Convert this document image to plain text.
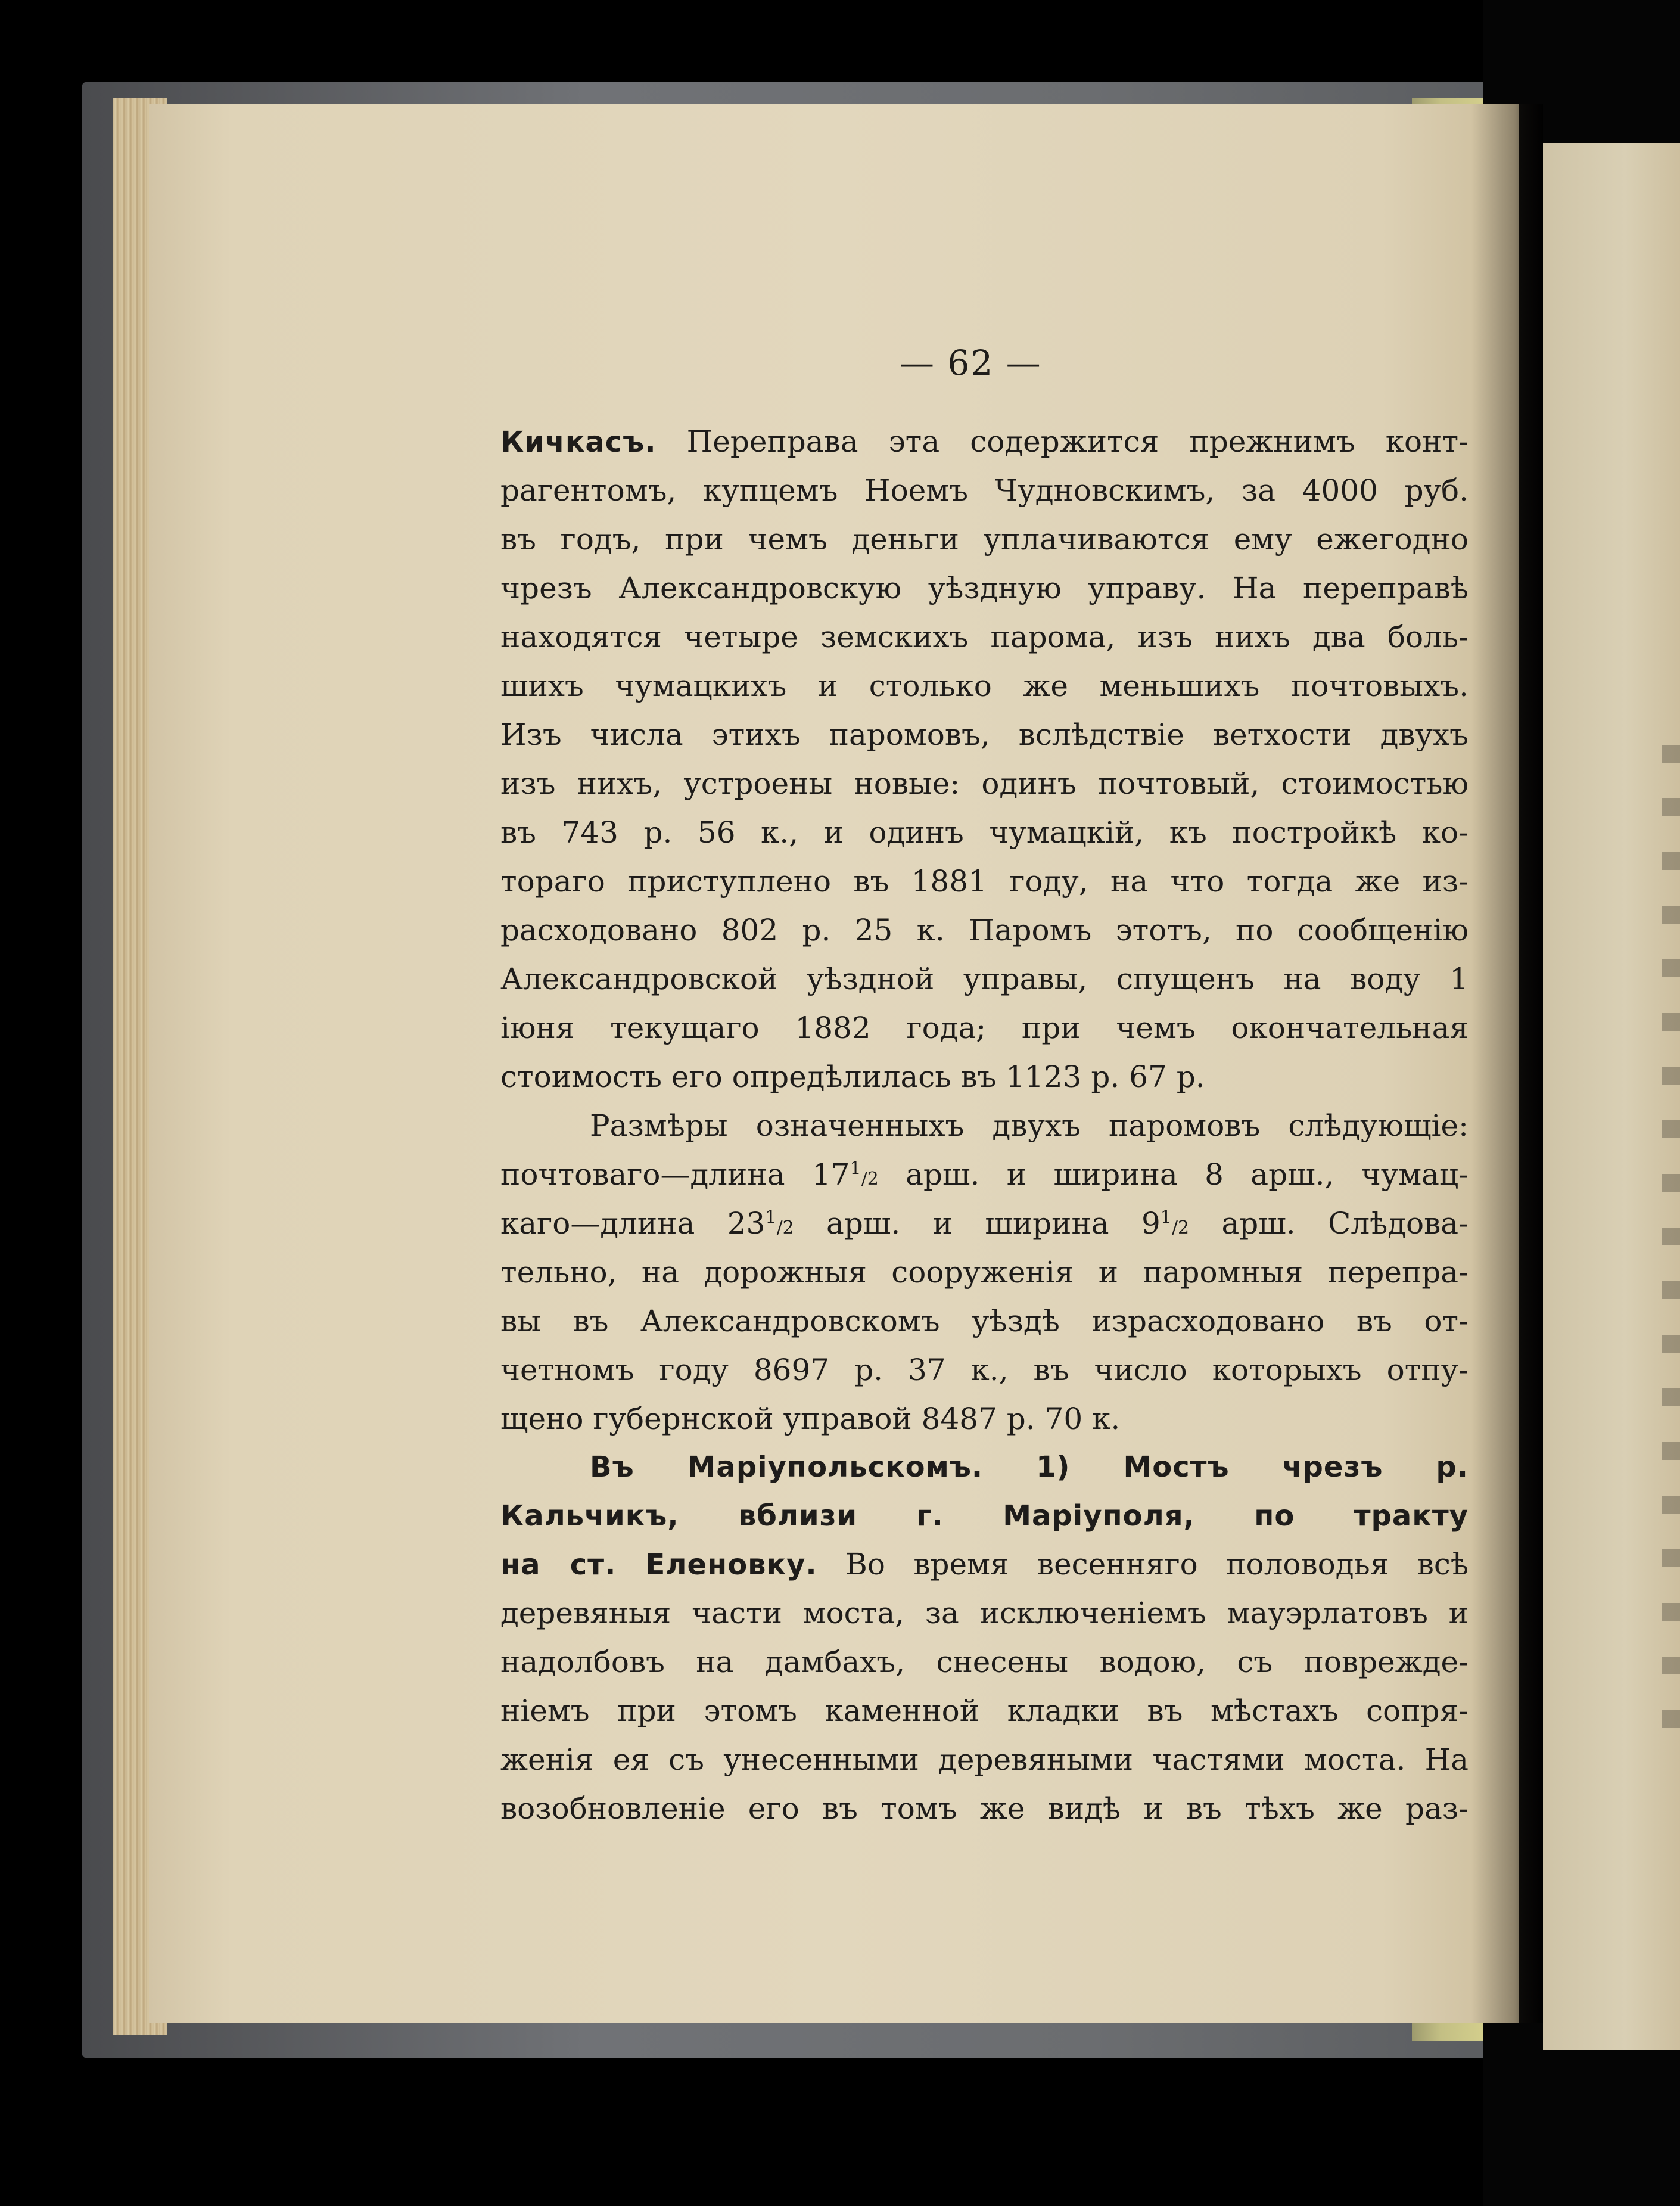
— 62 —
Кичкасъ. Переправа эта содержится прежнимъ конт-
рагентомъ, купцемъ Ноемъ Чудновскимъ, за 4000 руб.
въ годъ, при чемъ деньги уплачиваются ему ежегодно
чрезъ Александровскую уѣздную управу. На переправѣ
находятся четыре земскихъ парома, изъ нихъ два боль-
шихъ чумацкихъ и столько же меньшихъ почтовыхъ.
Изъ числа этихъ паромовъ, вслѣдствіе ветхости двухъ
изъ нихъ, устроены новые: одинъ почтовый, стоимостью
въ 743 р. 56 к., и одинъ чумацкій, къ постройкѣ ко-
тораго приступлено въ 1881 году, на что тогда же из-
расходовано 802 р. 25 к. Паромъ этотъ, по сообщенію
Александровской уѣздной управы, спущенъ на воду 1
іюня текущаго 1882 года; при чемъ окончательная
стоимость его опредѣлилась въ 1123 р. 67 р.
Размѣры означенныхъ двухъ паромовъ слѣдующіе:
почтоваго—длина $17^1/2$ арш. и ширина 8 арш., чумац-
каго—длина $23^1/2$ арш. и ширина $9^1/2$ арш. Слѣдова-
тельно, на дорожныя сооруженія и паромныя перепра-
вы въ Александровскомъ уѣздѣ израсходовано въ от-
четномъ году 8697 р. 37 к., въ число которыхъ отпу-
щено губернской управой 8487 р. 70 к.
Въ Маріупольскомъ. 1) Мостъ чрезъ р.
Кальчикъ, вблизи г. Маріуполя, по тракту
на ст. Еленовку. Во время весенняго половодья всѣ
деревяныя части моста, за исключеніемъ мауэрлатовъ и
надолбовъ на дамбахъ, снесены водою, съ поврежде-
ніемъ при этомъ каменной кладки въ мѣстахъ сопря-
женія ея съ унесенными деревяными частями моста. На
возобновленіе его въ томъ же видѣ и въ тѣхъ же раз-
